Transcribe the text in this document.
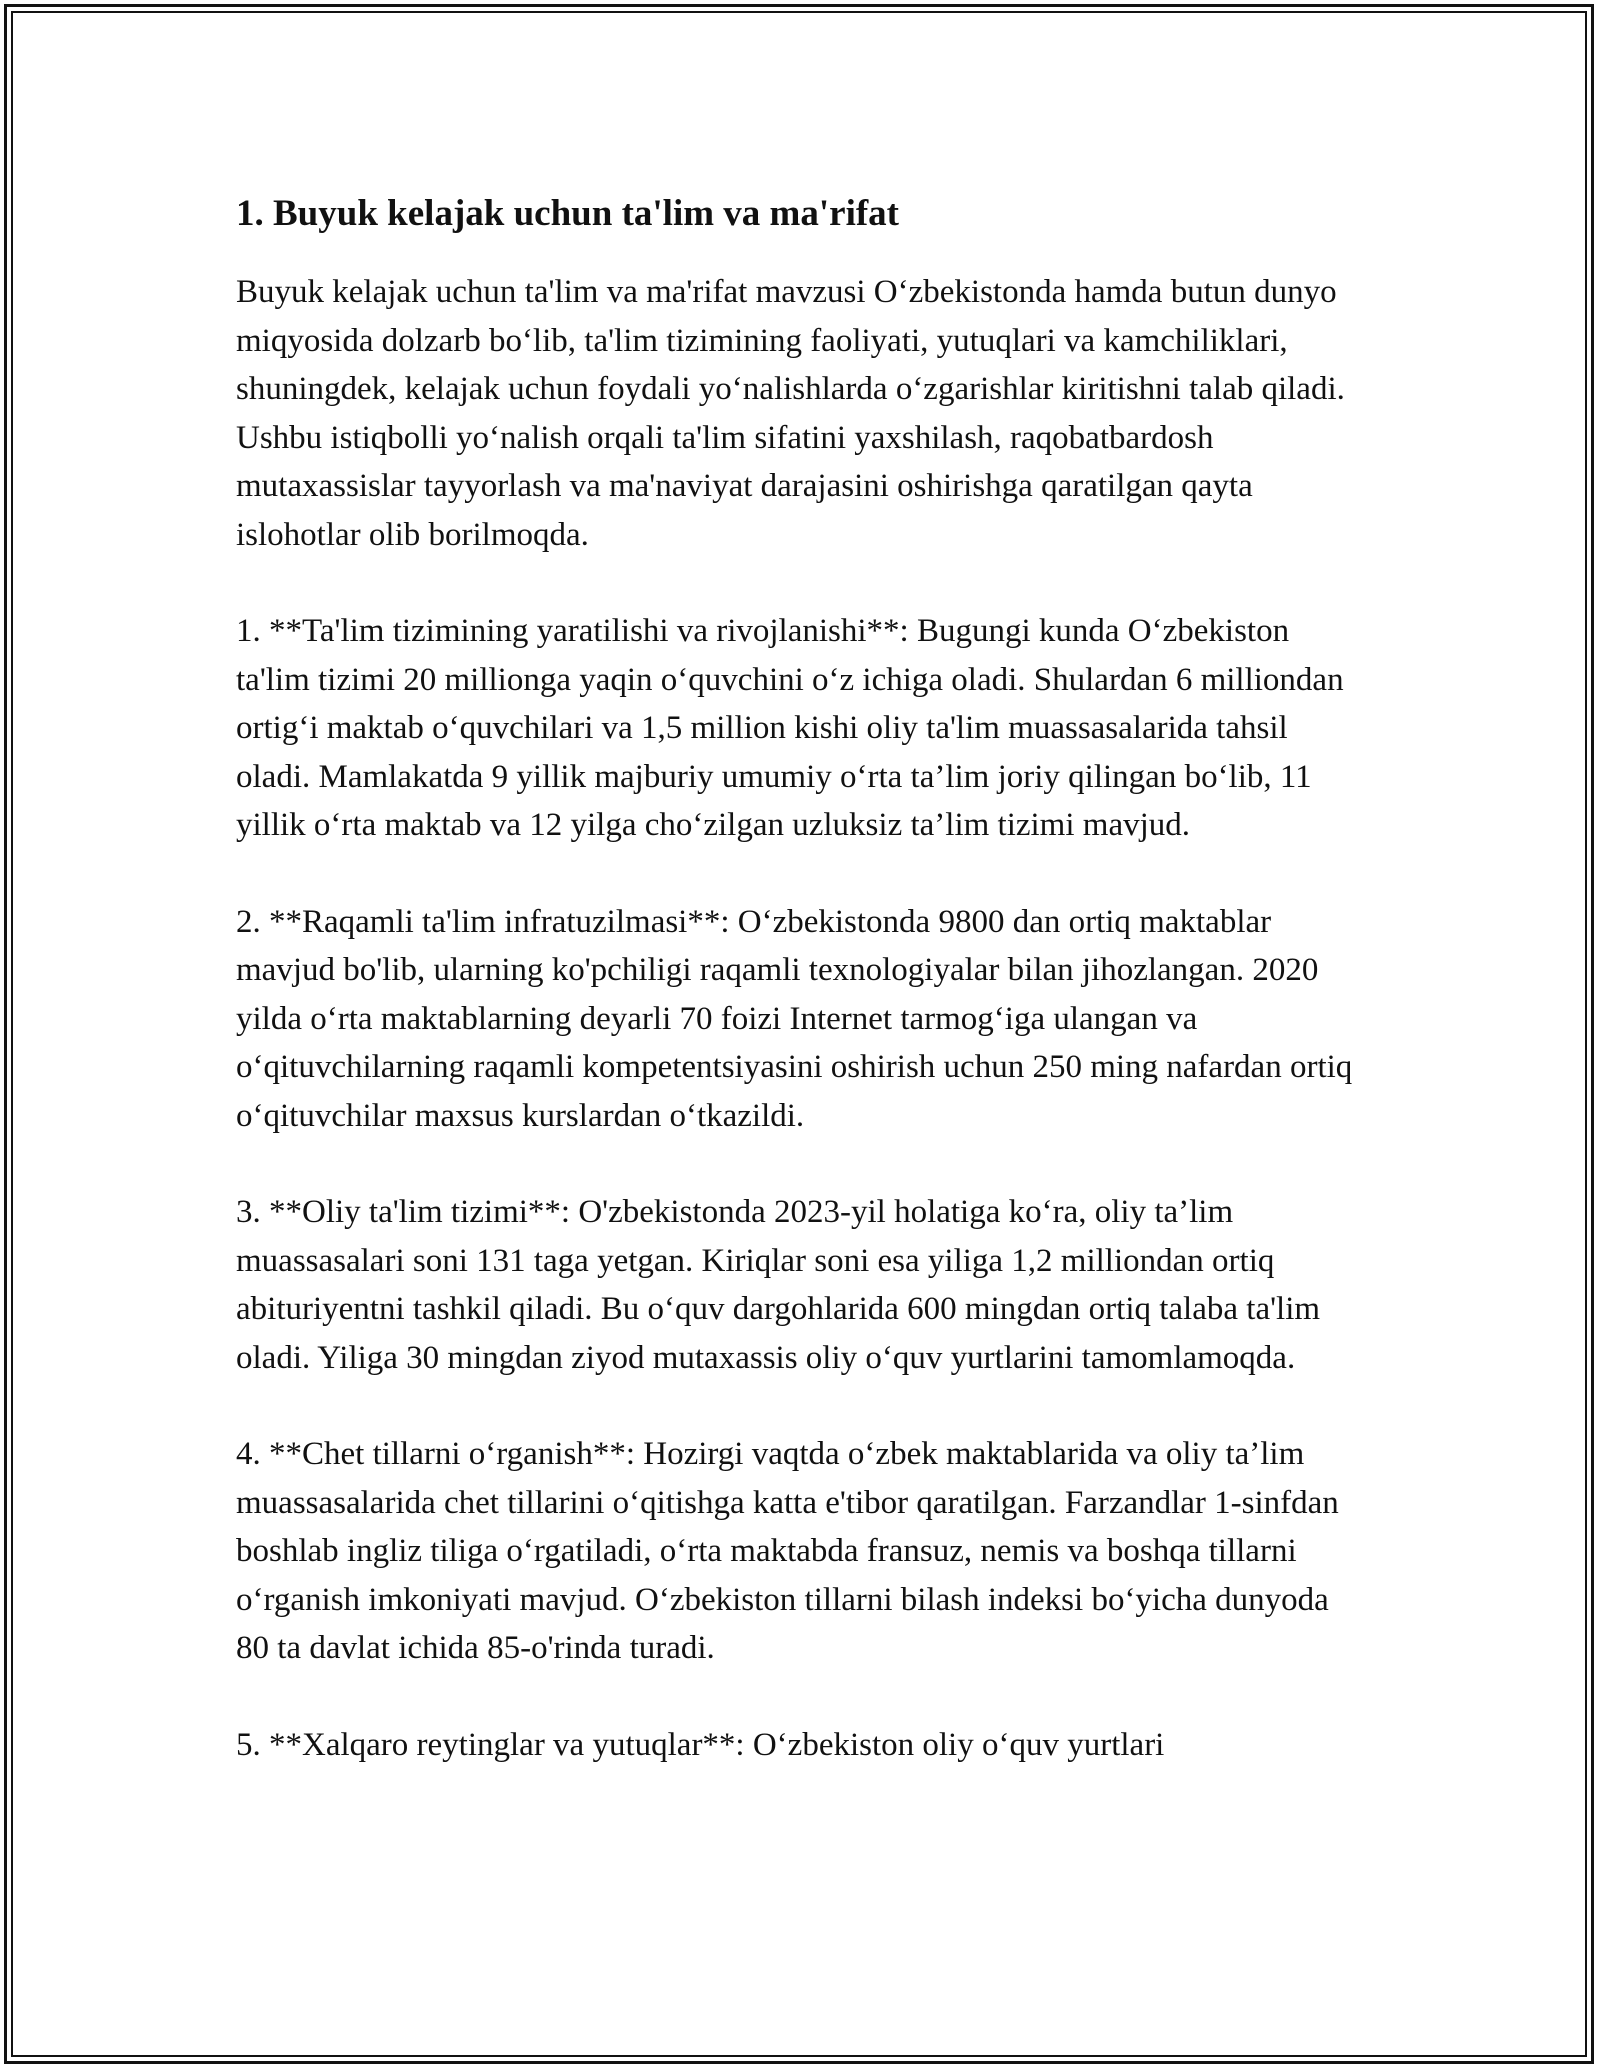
1. Buyuk kelajak uchun ta'lim va ma'rifat

Buyuk kelajak uchun ta'lim va ma'rifat mavzusi O‘zbekistonda hamda butun dunyo miqyosida dolzarb bo‘lib, ta'lim tizimining faoliyati, yutuqlari va kamchiliklari, shuningdek, kelajak uchun foydali yo‘nalishlarda o‘zgarishlar kiritishni talab qiladi. Ushbu istiqbolli yo‘nalish orqali ta'lim sifatini yaxshilash, raqobatbardosh mutaxassislar tayyorlash va ma'naviyat darajasini oshirishga qaratilgan qayta islohotlar olib borilmoqda.

1. **Ta'lim tizimining yaratilishi va rivojlanishi**: Bugungi kunda O‘zbekiston ta'lim tizimi 20 millionga yaqin o‘quvchini o‘z ichiga oladi. Shulardan 6 milliondan ortig‘i maktab o‘quvchilari va 1,5 million kishi oliy ta'lim muassasalarida tahsil oladi. Mamlakatda 9 yillik majburiy umumiy o‘rta ta’lim joriy qilingan bo‘lib, 11 yillik o‘rta maktab va 12 yilga cho‘zilgan uzluksiz ta’lim tizimi mavjud.

2. **Raqamli ta'lim infratuzilmasi**: O‘zbekistonda 9800 dan ortiq maktablar mavjud bo'lib, ularning ko'pchiligi raqamli texnologiyalar bilan jihozlangan. 2020 yilda o‘rta maktablarning deyarli 70 foizi Internet tarmog‘iga ulangan va o‘qituvchilarning raqamli kompetentsiyasini oshirish uchun 250 ming nafardan ortiq o‘qituvchilar maxsus kurslardan o‘tkazildi.

3. **Oliy ta'lim tizimi**: O'zbekistonda 2023-yil holatiga ko‘ra, oliy ta’lim muassasalari soni 131 taga yetgan. Kiriqlar soni esa yiliga 1,2 milliondan ortiq abituriyentni tashkil qiladi. Bu o‘quv dargohlarida 600 mingdan ortiq talaba ta'lim oladi. Yiliga 30 mingdan ziyod mutaxassis oliy o‘quv yurtlarini tamomlamoqda.

4. **Chet tillarni o‘rganish**: Hozirgi vaqtda o‘zbek maktablarida va oliy ta’lim muassasalarida chet tillarini o‘qitishga katta e'tibor qaratilgan. Farzandlar 1-sinfdan boshlab ingliz tiliga o‘rgatiladi, o‘rta maktabda fransuz, nemis va boshqa tillarni o‘rganish imkoniyati mavjud. O‘zbekiston tillarni bilash indeksi bo‘yicha dunyoda 80 ta davlat ichida 85-o'rinda turadi.

5. **Xalqaro reytinglar va yutuqlar**: O‘zbekiston oliy o‘quv yurtlari
